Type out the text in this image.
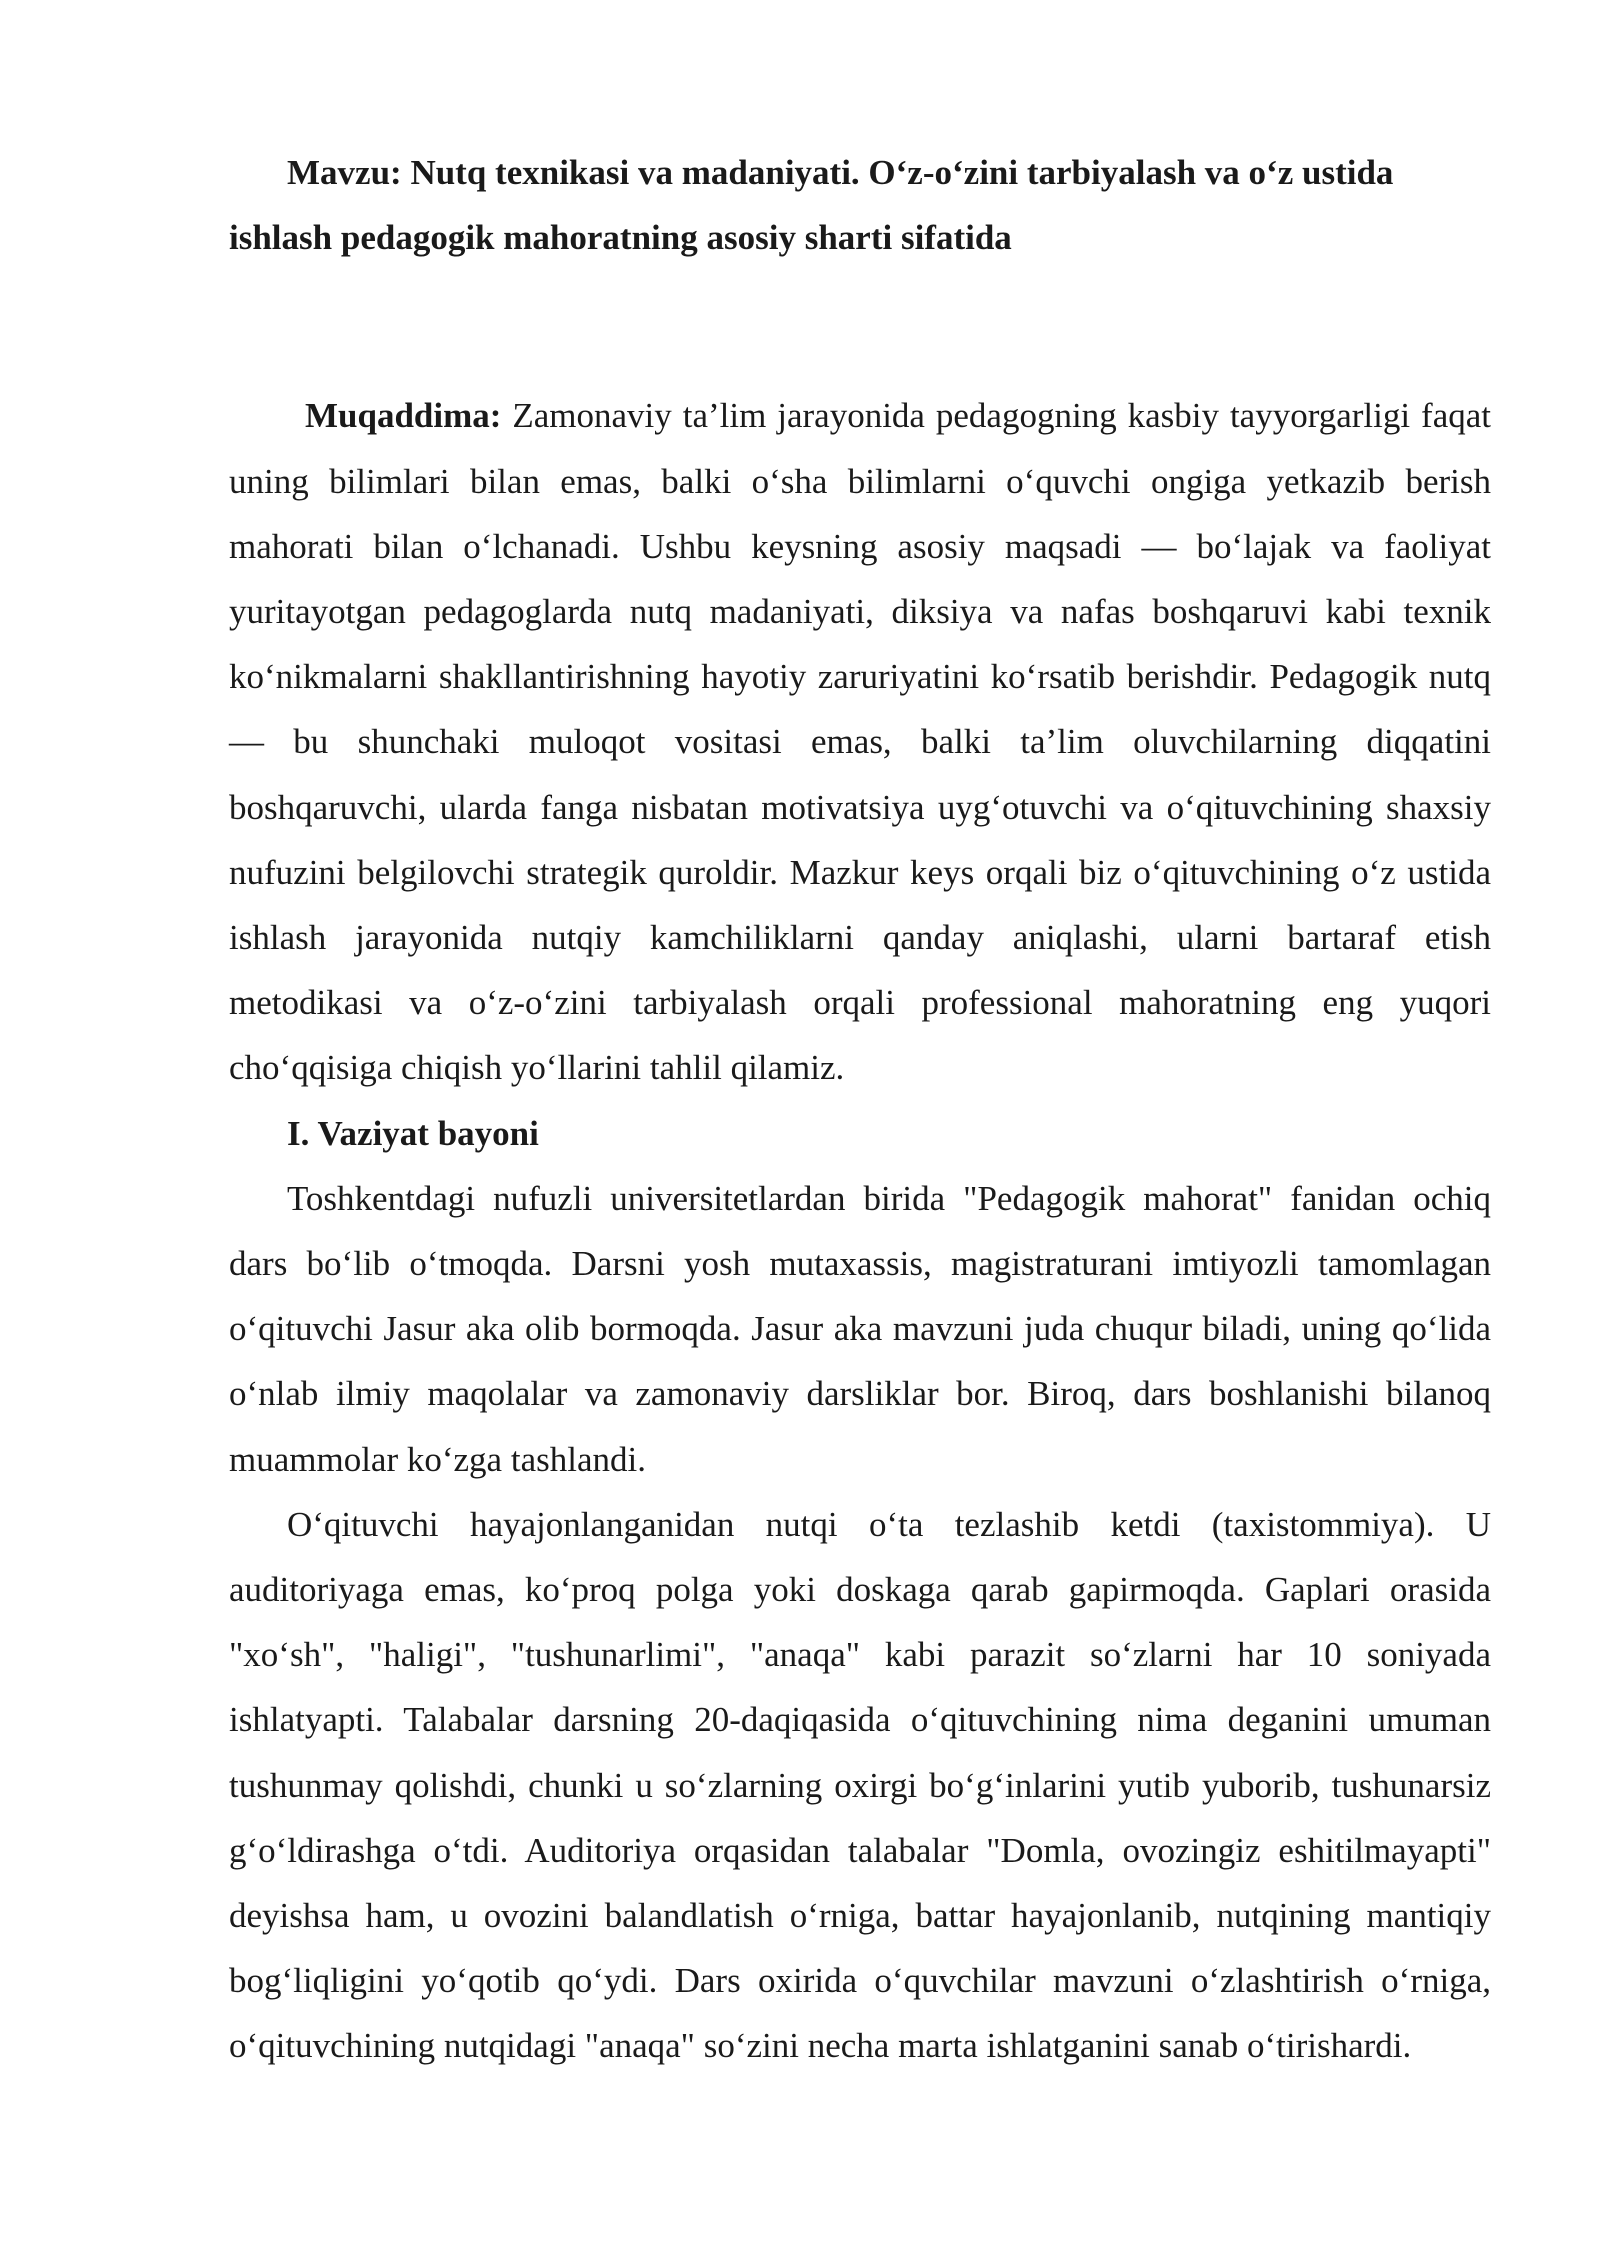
Mavzu: Nutq texnikasi va madaniyati. O‘z-o‘zini tarbiyalash va o‘z ustida ishlash pedagogik mahoratning asosiy sharti sifatida

Muqaddima: Zamonaviy ta’lim jarayonida pedagogning kasbiy tayyorgarligi faqat uning bilimlari bilan emas, balki o‘sha bilimlarni o‘quvchi ongiga yetkazib berish mahorati bilan o‘lchanadi. Ushbu keysning asosiy maqsadi — bo‘lajak va faoliyat yuritayotgan pedagoglarda nutq madaniyati, diksiya va nafas boshqaruvi kabi texnik ko‘nikmalarni shakllantirishning hayotiy zaruriyatini ko‘rsatib berishdir. Pedagogik nutq — bu shunchaki muloqot vositasi emas, balki ta’lim oluvchilarning diqqatini boshqaruvchi, ularda fanga nisbatan motivatsiya uyg‘otuvchi va o‘qituvchining shaxsiy nufuzini belgilovchi strategik quroldir. Mazkur keys orqali biz o‘qituvchining o‘z ustida ishlash jarayonida nutqiy kamchiliklarni qanday aniqlashi, ularni bartaraf etish metodikasi va o‘z-o‘zini tarbiyalash orqali professional mahoratning eng yuqori cho‘qqisiga chiqish yo‘llarini tahlil qilamiz.

I. Vaziyat bayoni

Toshkentdagi nufuzli universitetlardan birida "Pedagogik mahorat" fanidan ochiq dars bo‘lib o‘tmoqda. Darsni yosh mutaxassis, magistraturani imtiyozli tamomlagan o‘qituvchi Jasur aka olib bormoqda. Jasur aka mavzuni juda chuqur biladi, uning qo‘lida o‘nlab ilmiy maqolalar va zamonaviy darsliklar bor. Biroq, dars boshlanishi bilanoq muammolar ko‘zga tashlandi.

O‘qituvchi hayajonlanganidan nutqi o‘ta tezlashib ketdi (taxistommiya). U auditoriyaga emas, ko‘proq polga yoki doskaga qarab gapirmoqda. Gaplari orasida "xo‘sh", "haligi", "tushunarlimi", "anaqa" kabi parazit so‘zlarni har 10 soniyada ishlatyapti. Talabalar darsning 20-daqiqasida o‘qituvchining nima deganini umuman tushunmay qolishdi, chunki u so‘zlarning oxirgi bo‘g‘inlarini yutib yuborib, tushunarsiz g‘o‘ldirashga o‘tdi. Auditoriya orqasidan talabalar "Domla, ovozingiz eshitilmayapti" deyishsa ham, u ovozini balandlatish o‘rniga, battar hayajonlanib, nutqining mantiqiy bog‘liqligini yo‘qotib qo‘ydi. Dars oxirida o‘quvchilar mavzuni o‘zlashtirish o‘rniga, o‘qituvchining nutqidagi "anaqa" so‘zini necha marta ishlatganini sanab o‘tirishardi.
